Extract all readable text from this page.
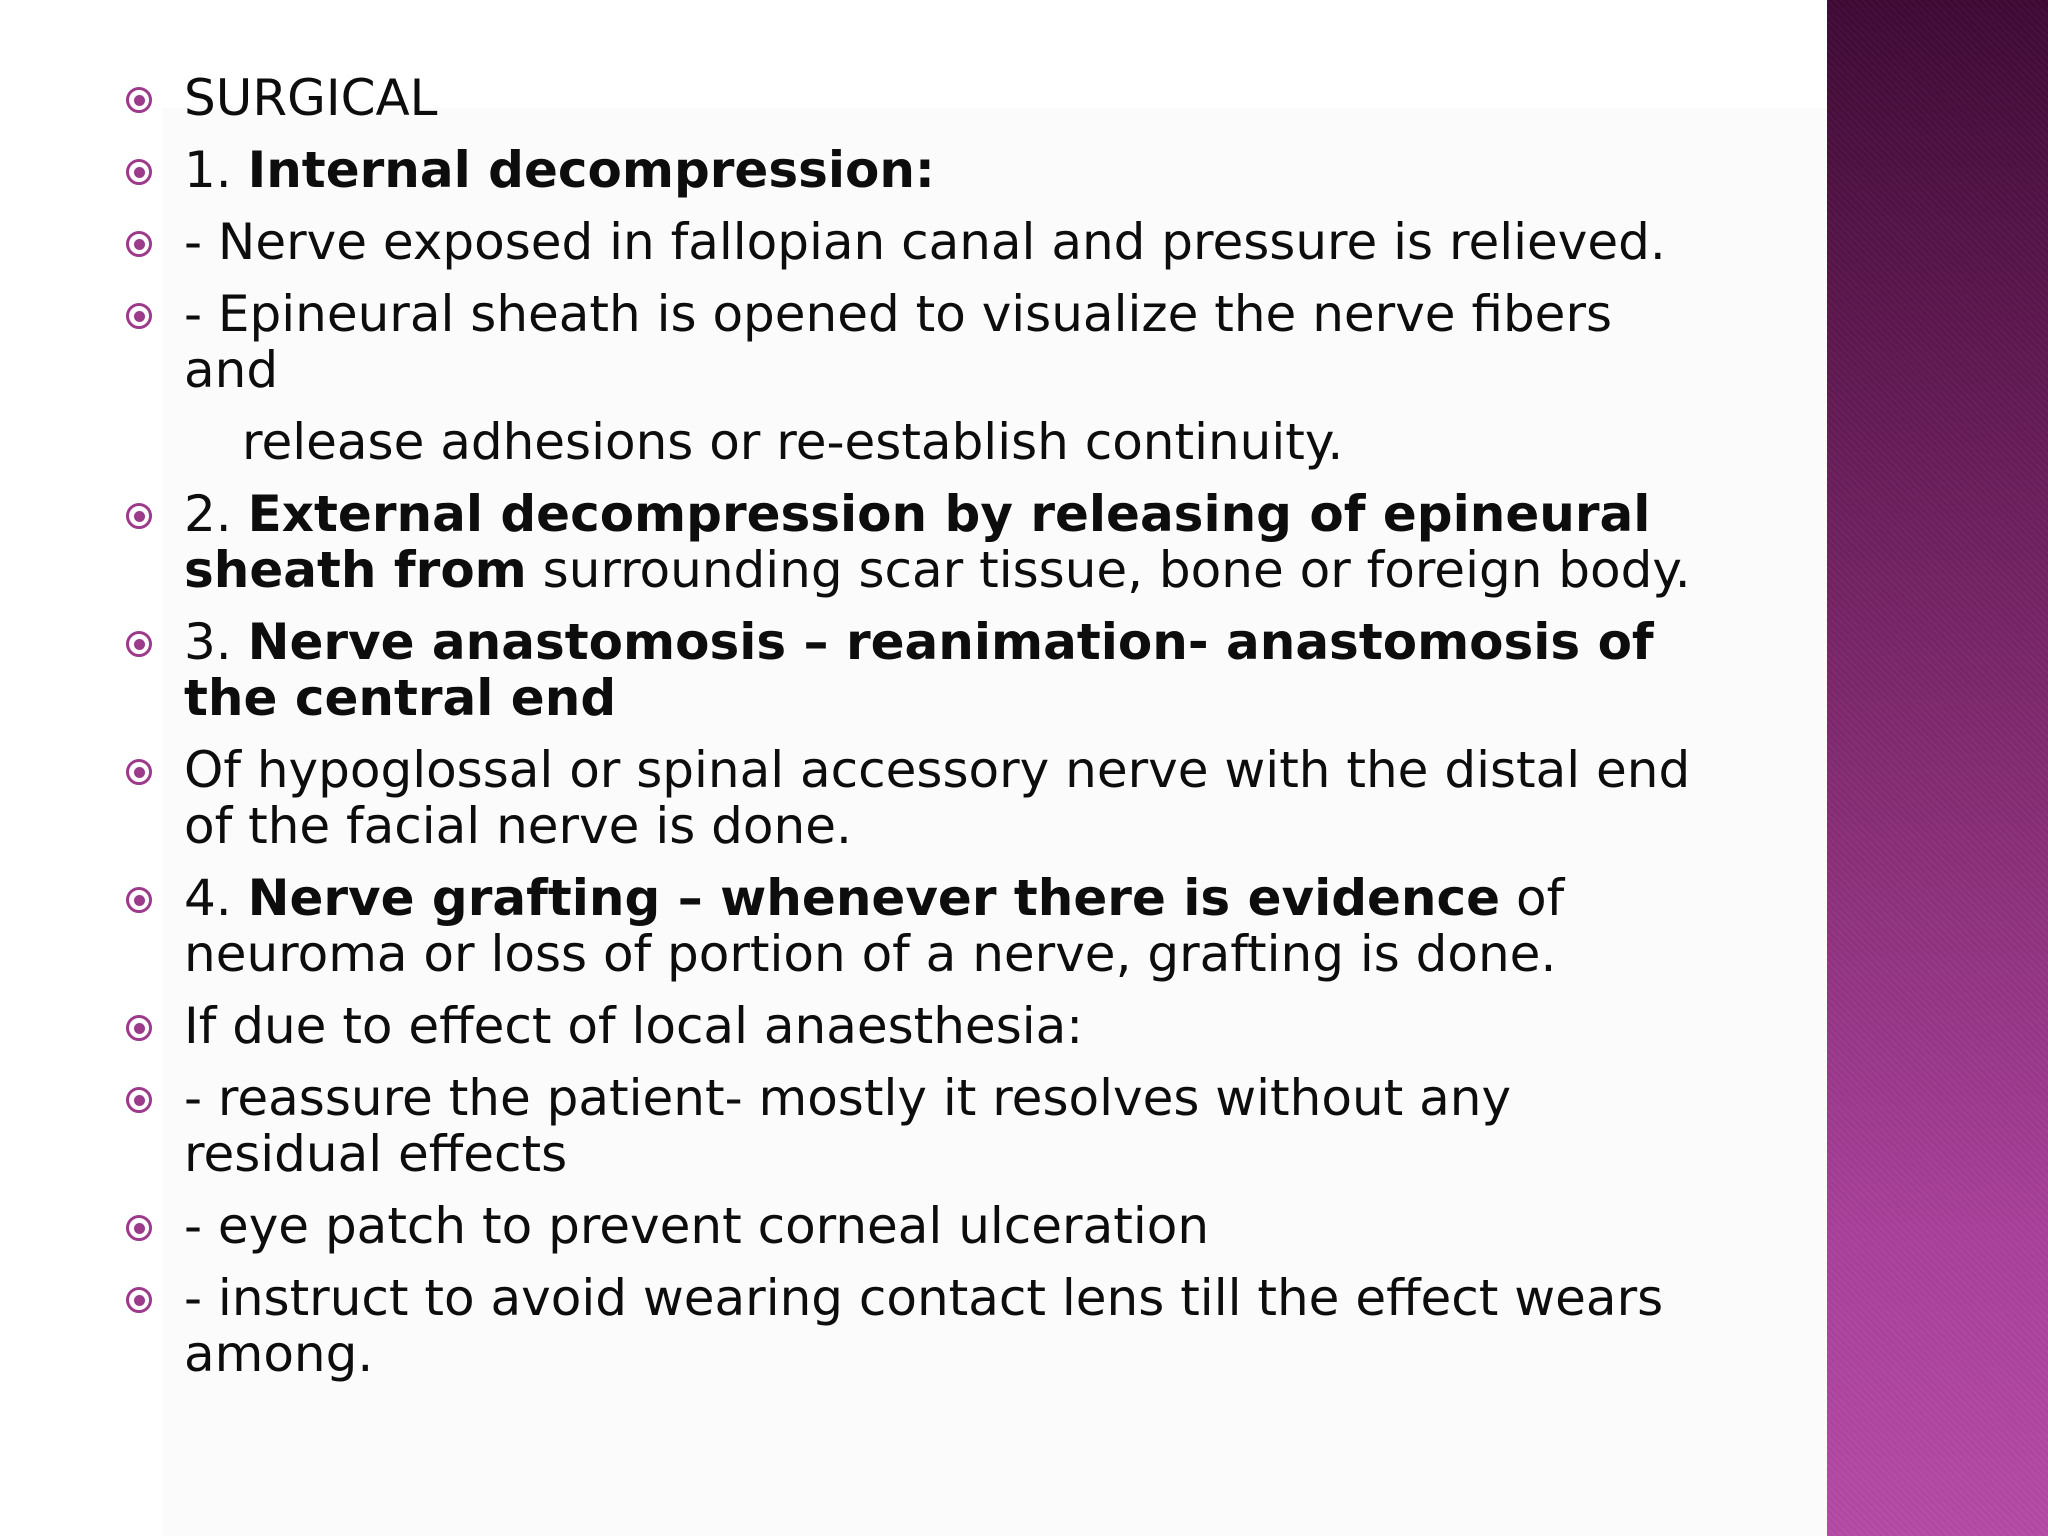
SURGICAL
1. Internal decompression:
- Nerve exposed in fallopian canal and pressure is relieved.
- Epineural sheath is opened to visualize the nerve fibers and
release adhesions or re-establish continuity.
2. External decompression by releasing of epineural sheath from surrounding scar tissue, bone or foreign body.
3. Nerve anastomosis – reanimation- anastomosis of the central end
Of hypoglossal or spinal accessory nerve with the distal end of the facial nerve is done.
4. Nerve grafting – whenever there is evidence of neuroma or loss of portion of a nerve, grafting is done.
If due to effect of local anaesthesia:
- reassure the patient- mostly it resolves without any residual effects
- eye patch to prevent corneal ulceration
- instruct to avoid wearing contact lens till the effect wears among.
